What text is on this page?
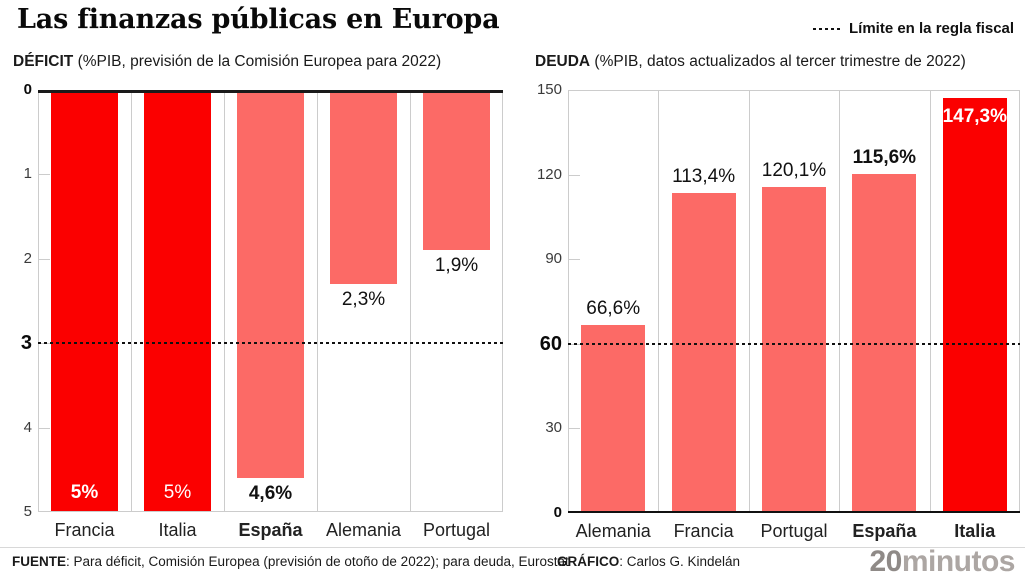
Las finanzas públicas en Europa	Límite en la regla fiscal
DÉFICIT (%PIB, previsión de la Comisión Europea para 2022)	DEUDA (%PIB, datos actualizados al tercer trimestre de 2022)
5%
Francia
5%
Italia
4,6%
España
2,3%
Alemania
1,9%
Portugal
0
1
2
3
4
5
66,6%
Alemania
113,4%
Francia
120,1%
Portugal
115,6%
España
147,3%
Italia
150
120
90
60
30
0
FUENTE: Para déficit, Comisión Europea (previsión de otoño de 2022); para deuda, Eurostat
GRÁFICO: Carlos G. Kindelán	20minutos
